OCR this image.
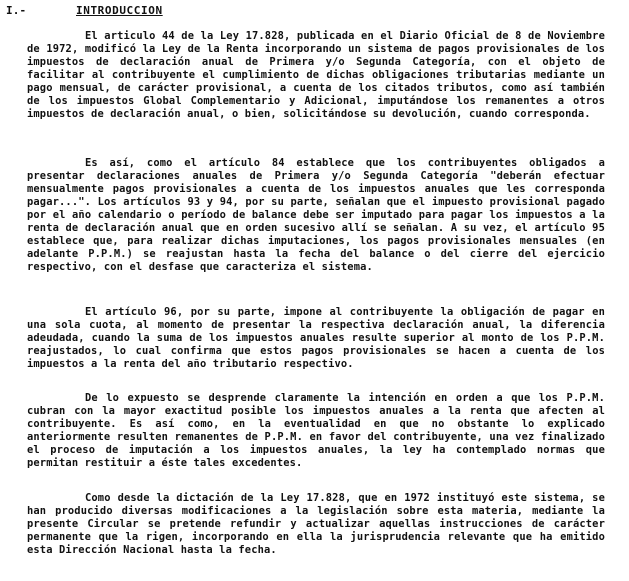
I.-	INTRODUCCION

El articulo 44 de la Ley 17.828, publicada en el Diario Oficial de 8 de Noviembre de 1972, modificó la Ley de la Renta incorporando un sistema de pagos provisionales de los impuestos de declaración anual de Primera y/o Segunda Categoría, con el objeto de facilitar al contribuyente el cumplimiento de dichas obligaciones tributarias mediante un pago mensual, de carácter provisional, a cuenta de los citados tributos, como así también de los impuestos Global Complementario y Adicional, imputándose los remanentes a otros impuestos de declaración anual, o bien, solicitándose su devolución, cuando corresponda.

Es así, como el artículo 84 establece que los contribuyentes obligados a presentar declaraciones anuales de Primera y/o Segunda Categoría "deberán efectuar mensualmente pagos provisionales a cuenta de los impuestos anuales que les corresponda pagar...". Los artículos 93 y 94, por su parte, señalan que el impuesto provisional pagado por el año calendario o período de balance debe ser imputado para pagar los impuestos a la renta de declaración anual que en orden sucesivo allí se señalan. A su vez, el artículo 95 establece que, para realizar dichas imputaciones, los pagos provisionales mensuales (en adelante P.P.M.) se reajustan hasta la fecha del balance o del cierre del ejercicio respectivo, con el desfase que caracteriza el sistema.

El artículo 96, por su parte, impone al contribuyente la obligación de pagar en una sola cuota, al momento de presentar la respectiva declaración anual, la diferencia adeudada, cuando la suma de los impuestos anuales resulte superior al monto de los P.P.M. reajustados, lo cual confirma que estos pagos provisionales se hacen a cuenta de los impuestos a la renta del año tributario respectivo.

De lo expuesto se desprende claramente la intención en orden a que los P.P.M. cubran con la mayor exactitud posible los impuestos anuales a la renta que afecten al contribuyente. Es así como, en la eventualidad en que no obstante lo explicado anteriormente resulten remanentes de P.P.M. en favor del contribuyente, una vez finalizado el proceso de imputación a los impuestos anuales, la ley ha contemplado normas que permitan restituir a éste tales excedentes.

Como desde la dictación de la Ley 17.828, que en 1972 instituyó este sistema, se han producido diversas modificaciones a la legislación sobre esta materia, mediante la presente Circular se pretende refundir y actualizar aquellas instrucciones de carácter permanente que la rigen, incorporando en ella la jurisprudencia relevante que ha emitido esta Dirección Nacional hasta la fecha.
